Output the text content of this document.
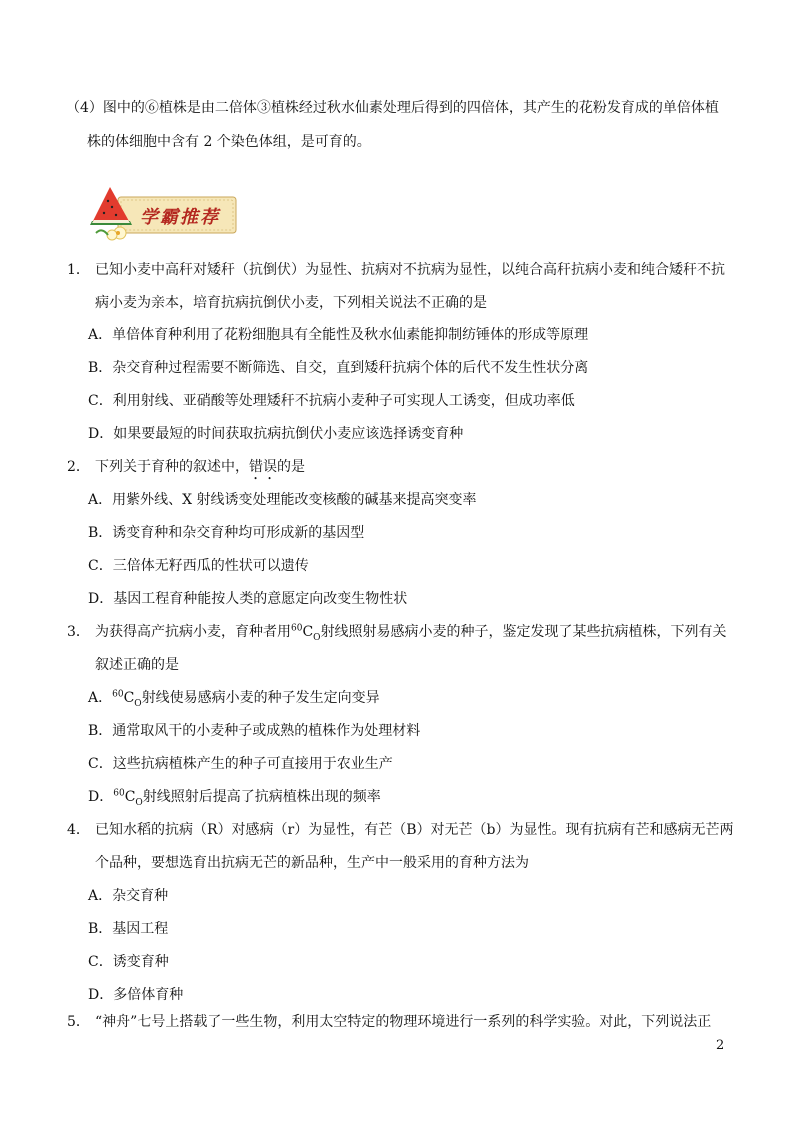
（4）图中的⑥植株是由二倍体③植株经过秋水仙素处理后得到的四倍体，其产生的花粉发育成的单倍体植
株的体细胞中含有 2 个染色体组，是可育的。
学霸推荐
1． 已知小麦中高秆对矮秆（抗倒伏）为显性、抗病对不抗病为显性，以纯合高秆抗病小麦和纯合矮秆不抗
病小麦为亲本，培育抗病抗倒伏小麦，下列相关说法不正确的是
A．单倍体育种利用了花粉细胞具有全能性及秋水仙素能抑制纺锤体的形成等原理
B．杂交育种过程需要不断筛选、自交，直到矮秆抗病个体的后代不发生性状分离
C．利用射线、亚硝酸等处理矮秆不抗病小麦种子可实现人工诱变，但成功率低
D．如果要最短的时间获取抗病抗倒伏小麦应该选择诱变育种
2． 下列关于育种的叙述中，错误的是
A．用紫外线、X 射线诱变处理能改变核酸的碱基来提高突变率
B．诱变育种和杂交育种均可形成新的基因型
C．三倍体无籽西瓜的性状可以遗传
D．基因工程育种能按人类的意愿定向改变生物性状
3． 为获得高产抗病小麦，育种者用$^{60}C_O$射线照射易感病小麦的种子，鉴定发现了某些抗病植株，下列有关
叙述正确的是
A．$^{60}C_O$射线使易感病小麦的种子发生定向变异
B．通常取风干的小麦种子或成熟的植株作为处理材料
C．这些抗病植株产生的种子可直接用于农业生产
D．$^{60}C_O$射线照射后提高了抗病植株出现的频率
4． 已知水稻的抗病（R）对感病（r）为显性，有芒（B）对无芒（b）为显性。现有抗病有芒和感病无芒两
个品种，要想选育出抗病无芒的新品种，生产中一般采用的育种方法为
A．杂交育种
B．基因工程
C．诱变育种
D．多倍体育种
5． “神舟”七号上搭载了一些生物，利用太空特定的物理环境进行一系列的科学实验。对此，下列说法正
2
